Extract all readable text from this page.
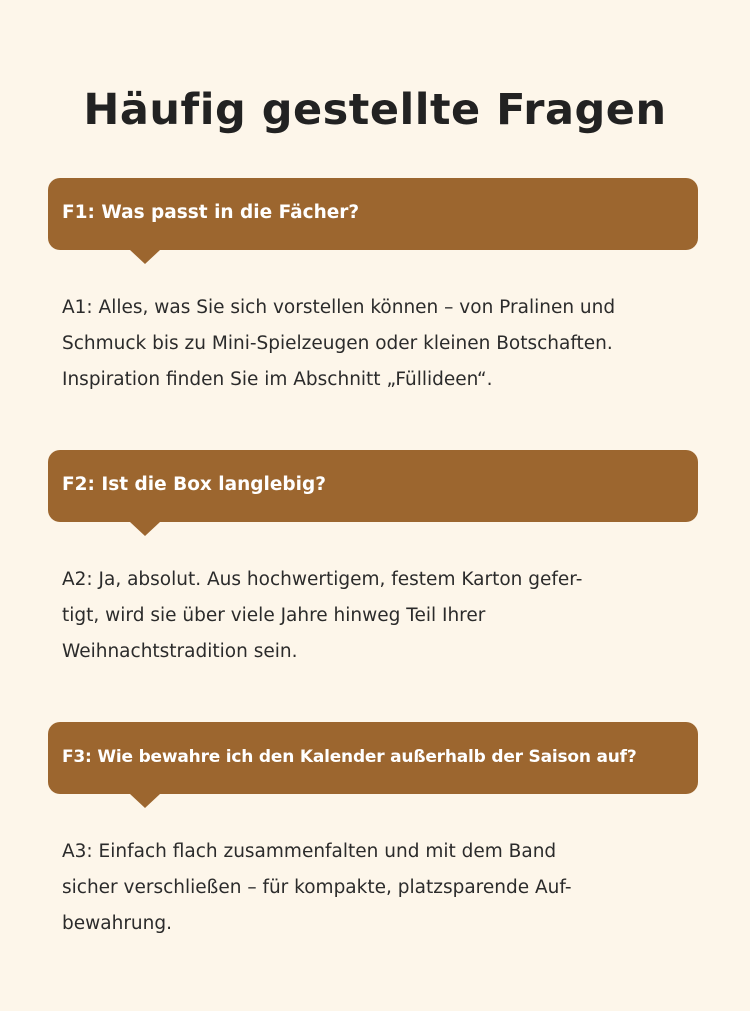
Häufig gestellte Fragen

F1: Was passt in die Fächer?

A1: Alles, was Sie sich vorstellen können – von Pralinen und
Schmuck bis zu Mini-Spielzeugen oder kleinen Botschaften.
Inspiration finden Sie im Abschnitt „Füllideen“.

F2: Ist die Box langlebig?

A2: Ja, absolut. Aus hochwertigem, festem Karton gefer-
tigt, wird sie über viele Jahre hinweg Teil Ihrer
Weihnachtstradition sein.

F3: Wie bewahre ich den Kalender außerhalb der Saison auf?

A3: Einfach flach zusammenfalten und mit dem Band
sicher verschließen – für kompakte, platzsparende Auf-
bewahrung.
